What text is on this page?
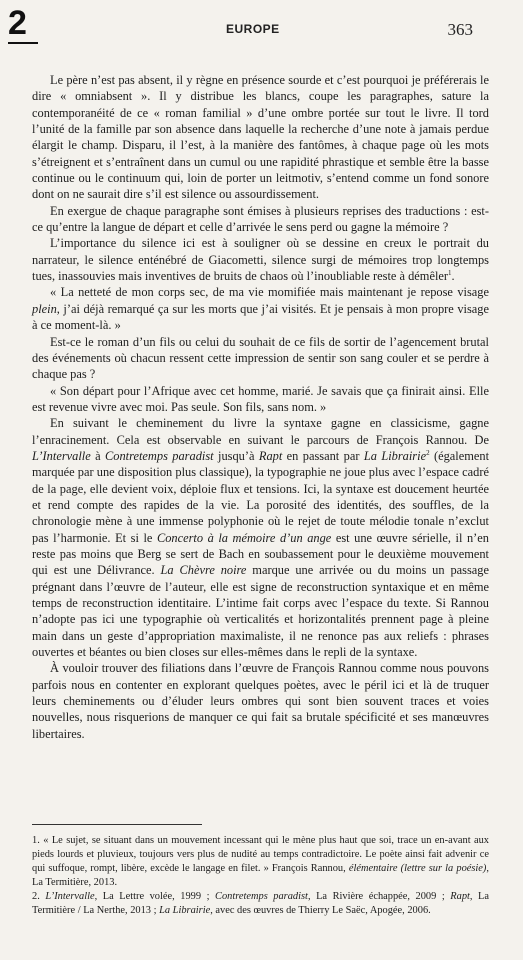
2	EUROPE	363

Le père n’est pas absent, il y règne en présence sourde et c’est pourquoi je préférerais le dire « omniabsent ». Il y distribue les blancs, coupe les paragraphes, sature la contemporanéité de ce « roman familial » d’une ombre portée sur tout le livre. Il tord l’unité de la famille par son absence dans laquelle la recherche d’une note à jamais perdue élargit le champ. Disparu, il l’est, à la manière des fantômes, à chaque page où les mots s’étreignent et s’entraînent dans un cumul ou une rapidité phrastique et semble être la basse continue ou le continuum qui, loin de porter un leitmotiv, s’entend comme un fond sonore dont on ne saurait dire s’il est silence ou assourdissement.

En exergue de chaque paragraphe sont émises à plusieurs reprises des traductions : est-ce qu’entre la langue de départ et celle d’arrivée le sens perd ou gagne la mémoire ?

L’importance du silence ici est à souligner où se dessine en creux le portrait du narrateur, le silence enténébré de Giacometti, silence surgi de mémoires trop longtemps tues, inassouvies mais inventives de bruits de chaos où l’inoubliable reste à démêler$^1$.

« La netteté de mon corps sec, de ma vie momifiée mais maintenant je repose visage plein, j’ai déjà remarqué ça sur les morts que j’ai visités. Et je pensais à mon propre visage à ce moment-là. »

Est-ce le roman d’un fils ou celui du souhait de ce fils de sortir de l’agencement brutal des événements où chacun ressent cette impression de sentir son sang couler et se perdre à chaque pas ?

« Son départ pour l’Afrique avec cet homme, marié. Je savais que ça finirait ainsi. Elle est revenue vivre avec moi. Pas seule. Son fils, sans nom. »

En suivant le cheminement du livre la syntaxe gagne en classicisme, gagne l’enracinement. Cela est observable en suivant le parcours de François Rannou. De L’Intervalle à Contretemps paradist jusqu’à Rapt en passant par La Librairie$^2$ (également marquée par une disposition plus classique), la typographie ne joue plus avec l’espace cadré de la page, elle devient voix, déploie flux et tensions. Ici, la syntaxe est doucement heurtée et rend compte des rapides de la vie. La porosité des identités, des souffles, de la chronologie mène à une immense polyphonie où le rejet de toute mélodie tonale n’exclut pas l’harmonie. Et si le Concerto à la mémoire d’un ange est une œuvre sérielle, il n’en reste pas moins que Berg se sert de Bach en soubassement pour le deuxième mouvement qui est une Délivrance. La Chèvre noire marque une arrivée ou du moins un passage prégnant dans l’œuvre de l’auteur, elle est signe de reconstruction syntaxique et en même temps de reconstruction identitaire. L’intime fait corps avec l’espace du texte. Si Rannou n’adopte pas ici une typographie où verticalités et horizontalités prennent page à pleine main dans un geste d’appropriation maximaliste, il ne renonce pas aux reliefs : phrases ouvertes et béantes ou bien closes sur elles-mêmes dans le repli de la syntaxe.

À vouloir trouver des filiations dans l’œuvre de François Rannou comme nous pouvons parfois nous en contenter en explorant quelques poètes, avec le péril ici et là de truquer leurs cheminements ou d’éluder leurs ombres qui sont bien souvent traces et voies nouvelles, nous risquerions de manquer ce qui fait sa brutale spécificité et ses manœuvres libertaires.

1. « Le sujet, se situant dans un mouvement incessant qui le mène plus haut que soi, trace un en-avant aux pieds lourds et pluvieux, toujours vers plus de nudité au temps contradictoire. Le poète ainsi fait advenir ce qui suffoque, rompt, libère, excède le langage en filet. » François Rannou, élémentaire (lettre sur la poésie), La Termitière, 2013.

2. L’Intervalle, La Lettre volée, 1999 ; Contretemps paradist, La Rivière échappée, 2009 ; Rapt, La Termitière / La Nerthe, 2013 ; La Librairie, avec des œuvres de Thierry Le Saëc, Apogée, 2006.
